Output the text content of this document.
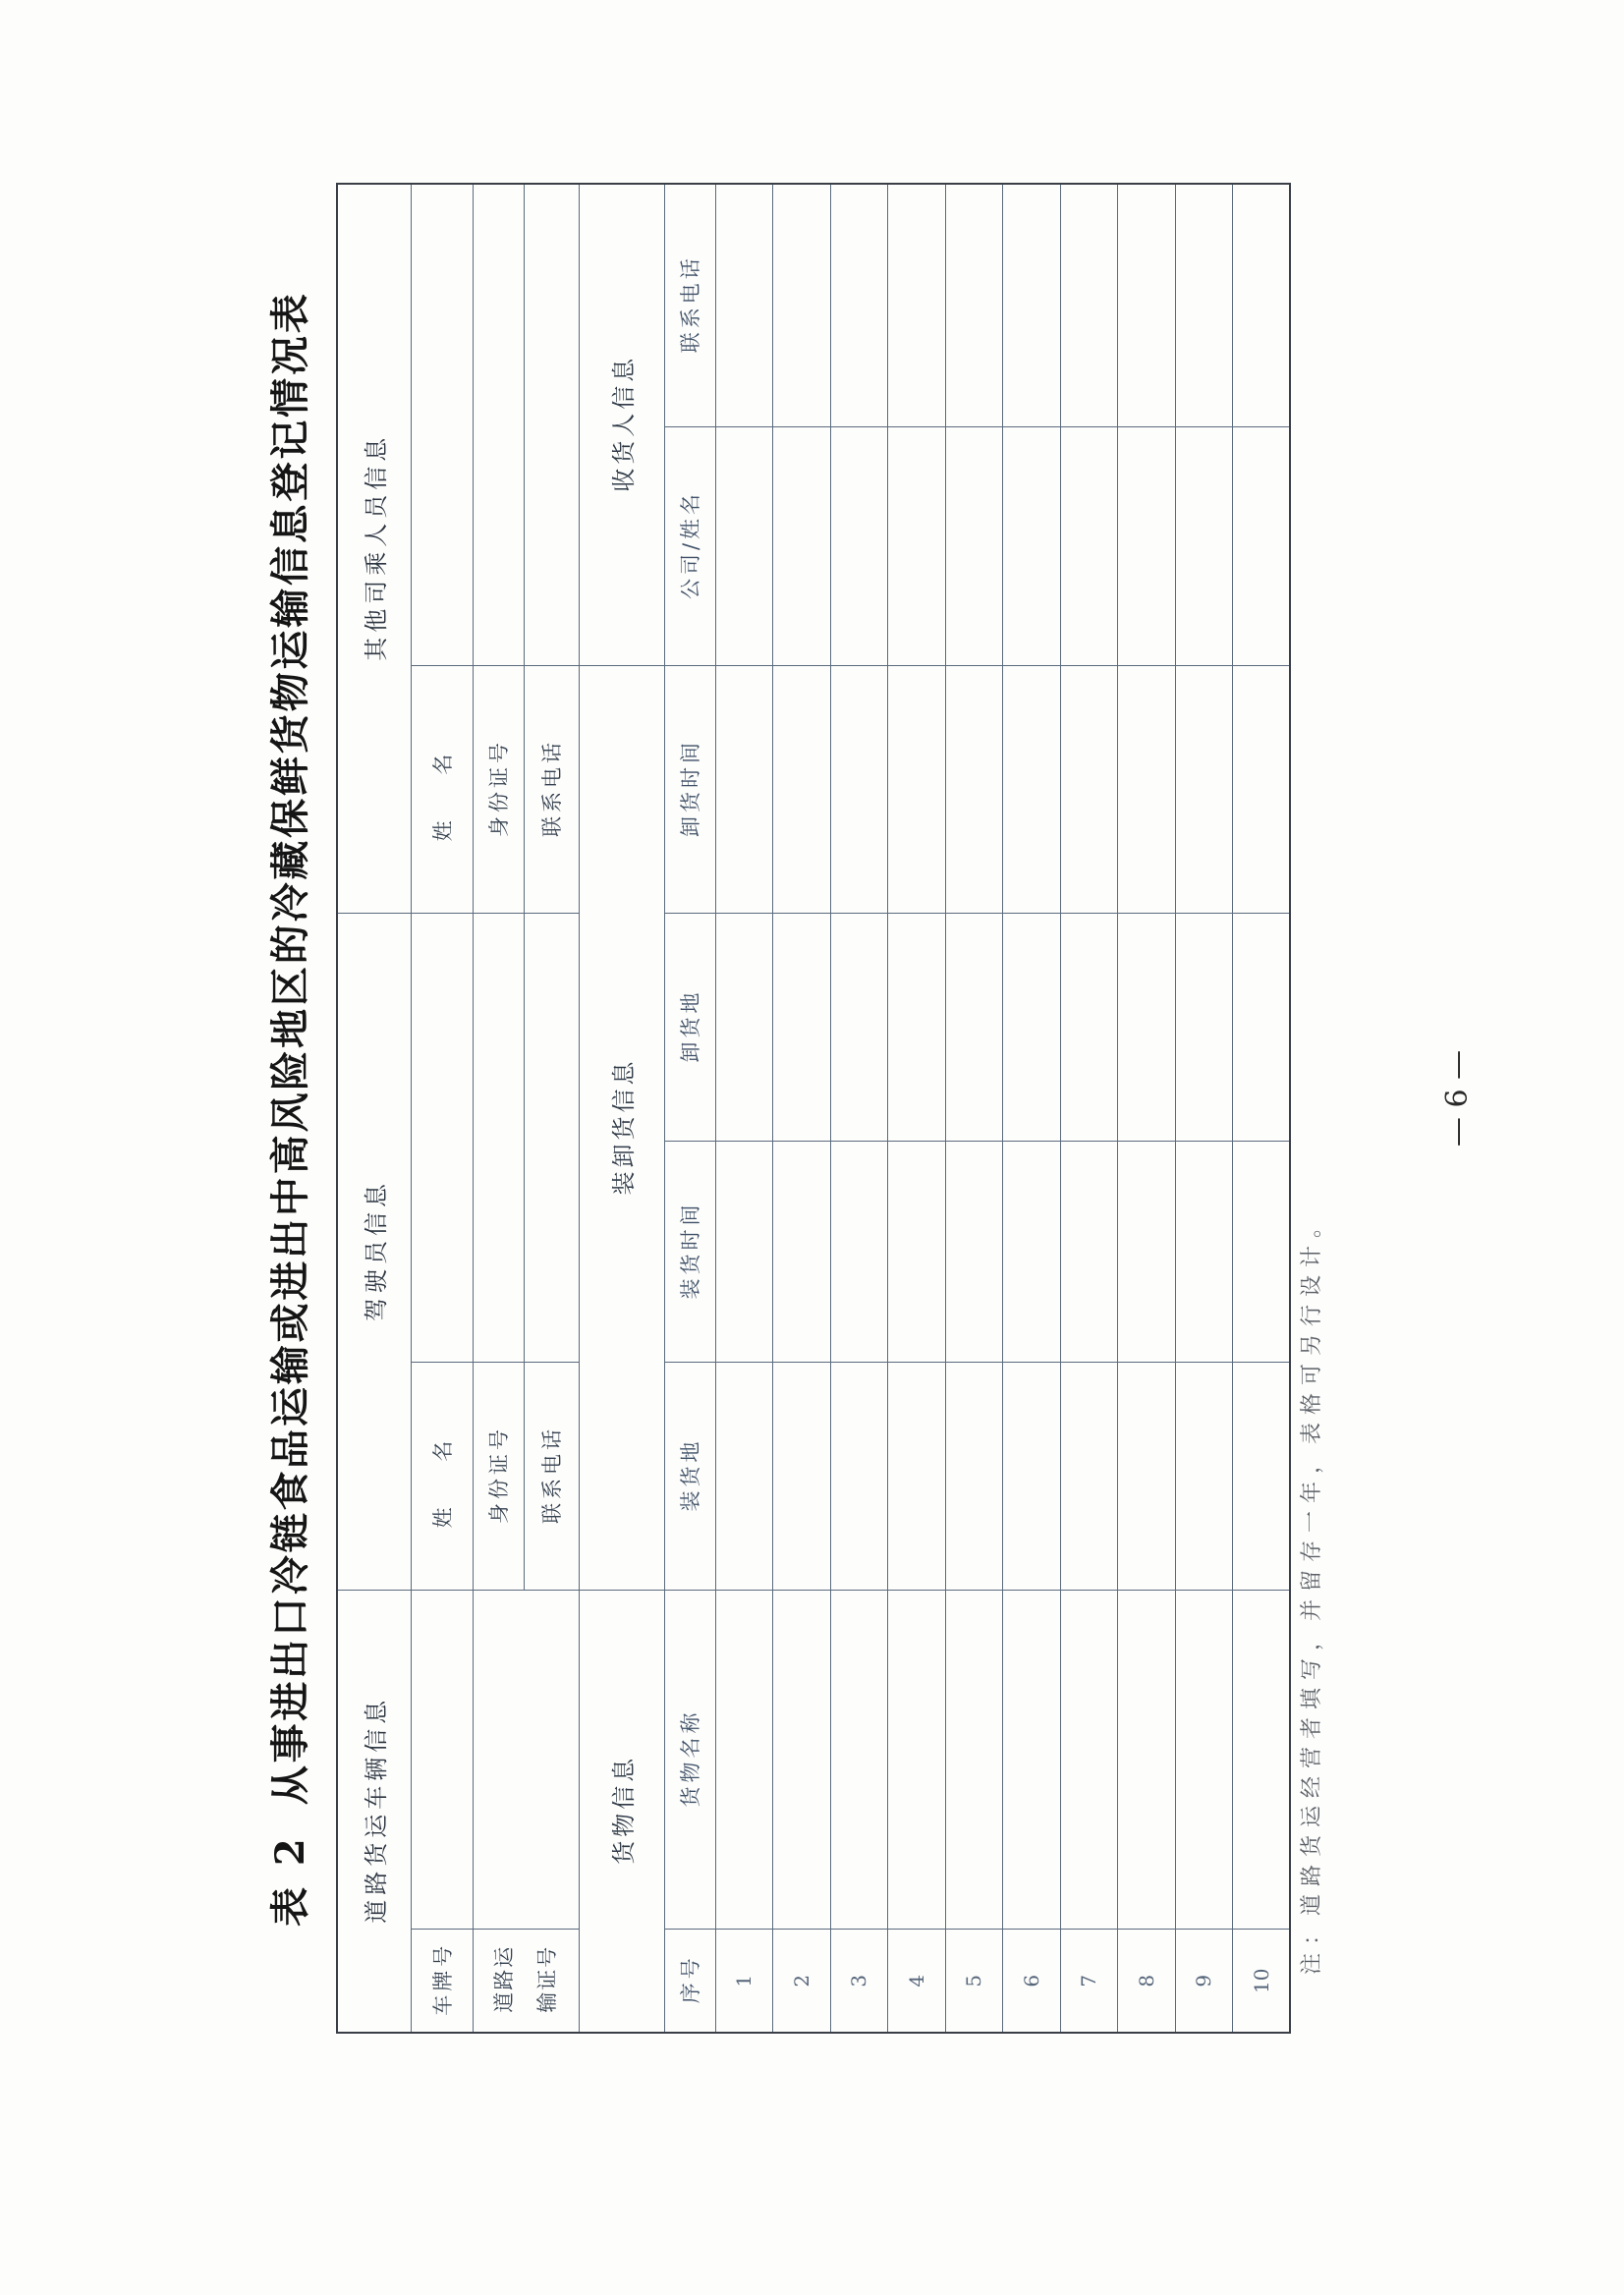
表 2从事进出口冷链食品运输或进出中高风险地区的冷藏保鲜货物运输信息登记情况表
道路货运车辆信息		驾驶员信息			其他司乘人员信息		
车牌号		姓 名			姓 名		
道路运输证号		身份证号			身份证号		
		联系电话			联系电话		
货物信息		装卸货信息				收货人信息	
序号	货物名称	装货地	装货时间	卸货地	卸货时间	公司/姓名	联系电话
1							
2							
3							
4							
5							
6							
7							
8							
9							
10							
注：道路货运经营者填写，并留存一年，表格可另行设计。
— 6 —
